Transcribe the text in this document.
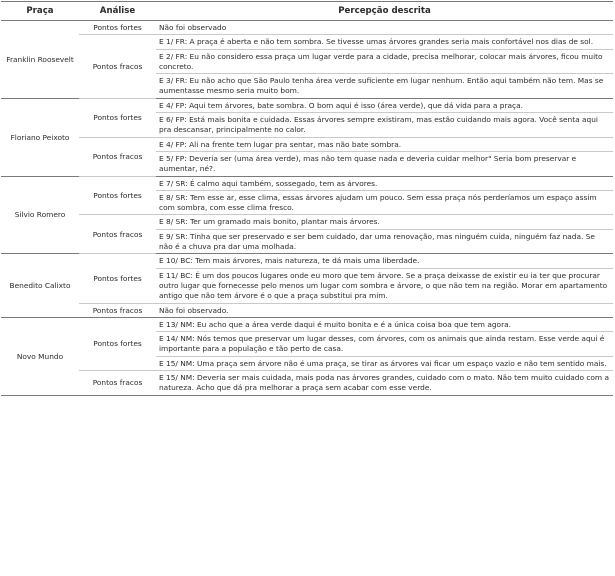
Praça	Análise	Percepção descrita
Franklin Roosevelt	Pontos fortes	Não foi observado
	Pontos fracos	E 1/ FR: A praça é aberta e não tem sombra. Se tivesse umas árvores grandes seria mais confortável nos dias de sol.
		E 2/ FR: Eu não considero essa praça um lugar verde para a cidade, precisa melhorar, colocar mais árvores, ficou muito concreto.
		E 3/ FR: Eu não acho que São Paulo tenha área verde suficiente em lugar nenhum. Então aqui também não tem. Mas se aumentasse mesmo seria muito bom.
Floriano Peixoto	Pontos fortes	E 4/ FP: Aqui tem árvores, bate sombra. O bom aqui é isso (área verde), que dá vida para a praça.
		E 6/ FP: Está mais bonita e cuidada. Essas árvores sempre existiram, mas estão cuidando mais agora. Você senta aqui pra descansar, principalmente no calor.
	Pontos fracos	E 4/ FP: Ali na frente tem lugar pra sentar, mas não bate sombra.
		E 5/ FP: Deveria ser (uma área verde), mas não tem quase nada e deveria cuidar melhor" Seria bom preservar e aumentar, né?.
Silvio Romero	Pontos fortes	E 7/ SR: É calmo aqui também, sossegado, tem as árvores.
		E 8/ SR: Tem esse ar, esse clima, essas árvores ajudam um pouco. Sem essa praça nós perderíamos um espaço assim com sombra, com esse clima fresco.
	Pontos fracos	E 8/ SR: Ter um gramado mais bonito, plantar mais árvores.
		E 9/ SR: Tinha que ser preservado e ser bem cuidado, dar uma renovação, mas ninguém cuida, ninguém faz nada. Se não é a chuva pra dar uma molhada.
Benedito Calixto	Pontos fortes	E 10/ BC: Tem mais árvores, mais natureza, te dá mais uma liberdade.
		E 11/ BC: É um dos poucos lugares onde eu moro que tem árvore. Se a praça deixasse de existir eu ia ter que procurar outro lugar que fornecesse pelo menos um lugar com sombra e árvore, o que não tem na região. Morar em apartamento antigo que não tem árvore é o que a praça substitui pra mim.
	Pontos fracos	Não foi observado.
Novo Mundo	Pontos fortes	E 13/ NM: Eu acho que a área verde daqui é muito bonita e é a única coisa boa que tem agora.
		E 14/ NM: Nós temos que preservar um lugar desses, com árvores, com os animais que ainda restam. Esse verde aqui é importante para a população e tão perto de casa.
		E 15/ NM: Uma praça sem árvore não é uma praça, se tirar as árvores vai ficar um espaço vazio e não tem sentido mais.
	Pontos fracos	E 15/ NM: Deveria ser mais cuidada, mais poda nas árvores grandes, cuidado com o mato. Não tem muito cuidado com a natureza. Acho que dá pra melhorar a praça sem acabar com esse verde.
